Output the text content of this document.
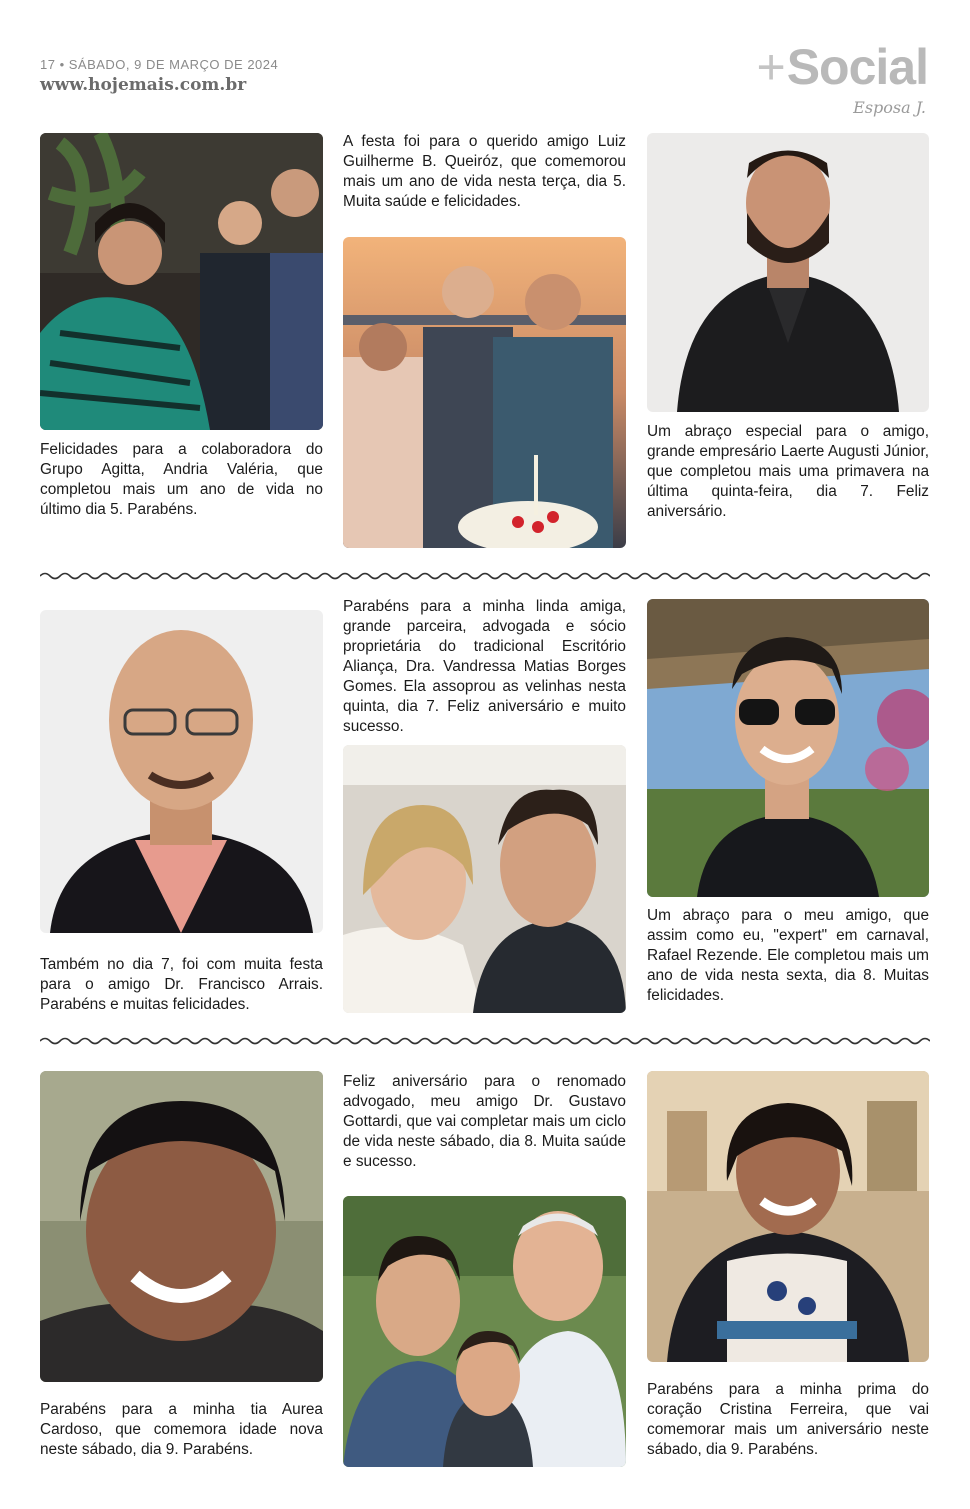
17 • SÁBADO, 9 DE MARÇO DE 2024
www.hojemais.com.br	+Social
Esposa J.
Felicidades para a colaboradora do Grupo Agitta, Andria Valéria, que completou mais um ano de vida no último dia 5. Parabéns.
A festa foi para o querido amigo Luiz Guilherme B. Queiróz, que comemorou mais um ano de vida nesta terça, dia 5. Muita saúde e felicidades.
Um abraço especial para o amigo, grande empresário Laerte Augusti Júnior, que completou mais uma primavera na última quinta-feira, dia 7. Feliz aniversário.
Também no dia 7, foi com muita festa para o amigo Dr. Francisco Arrais. Parabéns e muitas felicidades.
Parabéns para a minha linda amiga, grande parceira, advogada e sócio proprietária do tradicional Escritório Aliança, Dra. Vandressa Matias Borges Gomes. Ela assoprou as velinhas nesta quinta, dia 7. Feliz aniversário e muito sucesso.
Um abraço para o meu amigo, que assim como eu, "expert" em carnaval, Rafael Rezende. Ele completou mais um ano de vida nesta sexta, dia 8. Muitas felicidades.
Parabéns para a minha tia Aurea Cardoso, que comemora idade nova neste sábado, dia 9. Parabéns.
Feliz aniversário para o renomado advogado, meu amigo Dr. Gustavo Gottardi, que vai completar mais um ciclo de vida neste sábado, dia 8. Muita saúde e sucesso.
Parabéns para a minha prima do coração Cristina Ferreira, que vai comemorar mais um aniversário neste sábado, dia 9. Parabéns.
